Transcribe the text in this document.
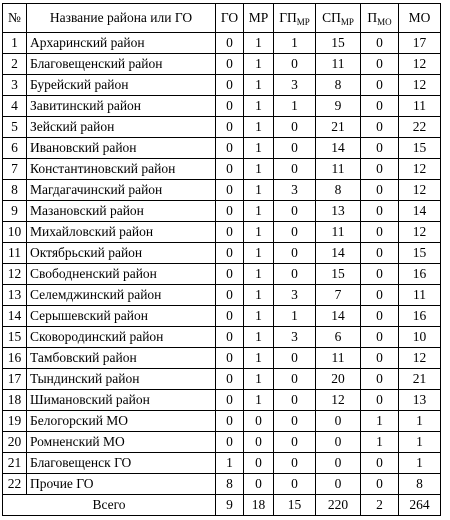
№	Название района или ГО	ГО	МР	$ГП_{МР}$	$СП_{МР}$	$П_{МО}$	МО
1	Архаринский район	0	1	1	15	0	17
2	Благовещенский район	0	1	0	11	0	12
3	Бурейский район	0	1	3	8	0	12
4	Завитинский район	0	1	1	9	0	11
5	Зейский район	0	1	0	21	0	22
6	Ивановский район	0	1	0	14	0	15
7	Константиновский район	0	1	0	11	0	12
8	Магдагачинский район	0	1	3	8	0	12
9	Мазановский район	0	1	0	13	0	14
10	Михайловский район	0	1	0	11	0	12
11	Октябрьский район	0	1	0	14	0	15
12	Свободненский район	0	1	0	15	0	16
13	Селемджинский район	0	1	3	7	0	11
14	Серышевский район	0	1	1	14	0	16
15	Сковородинский район	0	1	3	6	0	10
16	Тамбовский район	0	1	0	11	0	12
17	Тындинский район	0	1	0	20	0	21
18	Шимановский район	0	1	0	12	0	13
19	Белогорский МО	0	0	0	0	1	1
20	Ромненский МО	0	0	0	0	1	1
21	Благовещенск ГО	1	0	0	0	0	1
22	Прочие ГО	8	0	0	0	0	8
Всего		9	18	15	220	2	264
